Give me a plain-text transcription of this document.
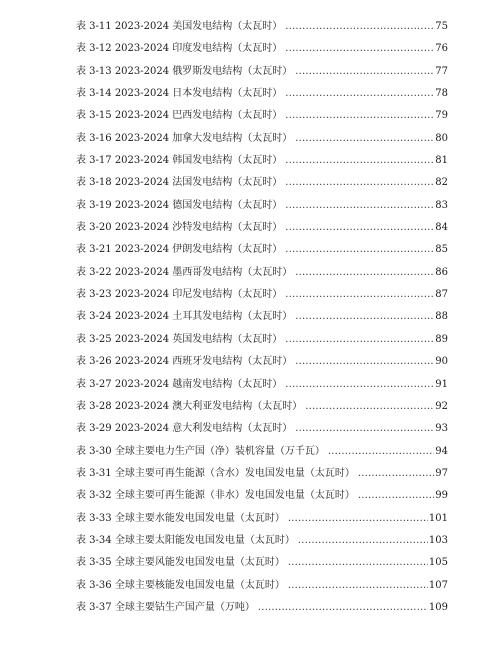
表 3-11 2023-2024 美国发电结构（太瓦时） .....	75
表 3-12 2023-2024 印度发电结构（太瓦时） .....	76
表 3-13 2023-2024 俄罗斯发电结构（太瓦时） .....	77
表 3-14 2023-2024 日本发电结构（太瓦时） .....	78
表 3-15 2023-2024 巴西发电结构（太瓦时） .....	79
表 3-16 2023-2024 加拿大发电结构（太瓦时） .....	80
表 3-17 2023-2024 韩国发电结构（太瓦时） .....	81
表 3-18 2023-2024 法国发电结构（太瓦时） .....	82
表 3-19 2023-2024 德国发电结构（太瓦时） .....	83
表 3-20 2023-2024 沙特发电结构（太瓦时） .....	84
表 3-21 2023-2024 伊朗发电结构（太瓦时） .....	85
表 3-22 2023-2024 墨西哥发电结构（太瓦时） .....	86
表 3-23 2023-2024 印尼发电结构（太瓦时） .....	87
表 3-24 2023-2024 土耳其发电结构（太瓦时） .....	88
表 3-25 2023-2024 英国发电结构（太瓦时） .....	89
表 3-26 2023-2024 西班牙发电结构（太瓦时） .....	90
表 3-27 2023-2024 越南发电结构（太瓦时） .....	91
表 3-28 2023-2024 澳大利亚发电结构（太瓦时） .....	92
表 3-29 2023-2024 意大利发电结构（太瓦时） .....	93
表 3-30 全球主要电力生产国（净）装机容量（万千瓦） .....	94
表 3-31 全球主要可再生能源（含水）发电国发电量（太瓦时） .....	97
表 3-32 全球主要可再生能源（非水）发电国发电量（太瓦时） .....	99
表 3-33 全球主要水能发电国发电量（太瓦时） .....	101
表 3-34 全球主要太阳能发电国发电量（太瓦时） .....	103
表 3-35 全球主要风能发电国发电量（太瓦时） .....	105
表 3-36 全球主要核能发电国发电量（太瓦时） .....	107
表 3-37 全球主要钴生产国产量（万吨） .....	109
